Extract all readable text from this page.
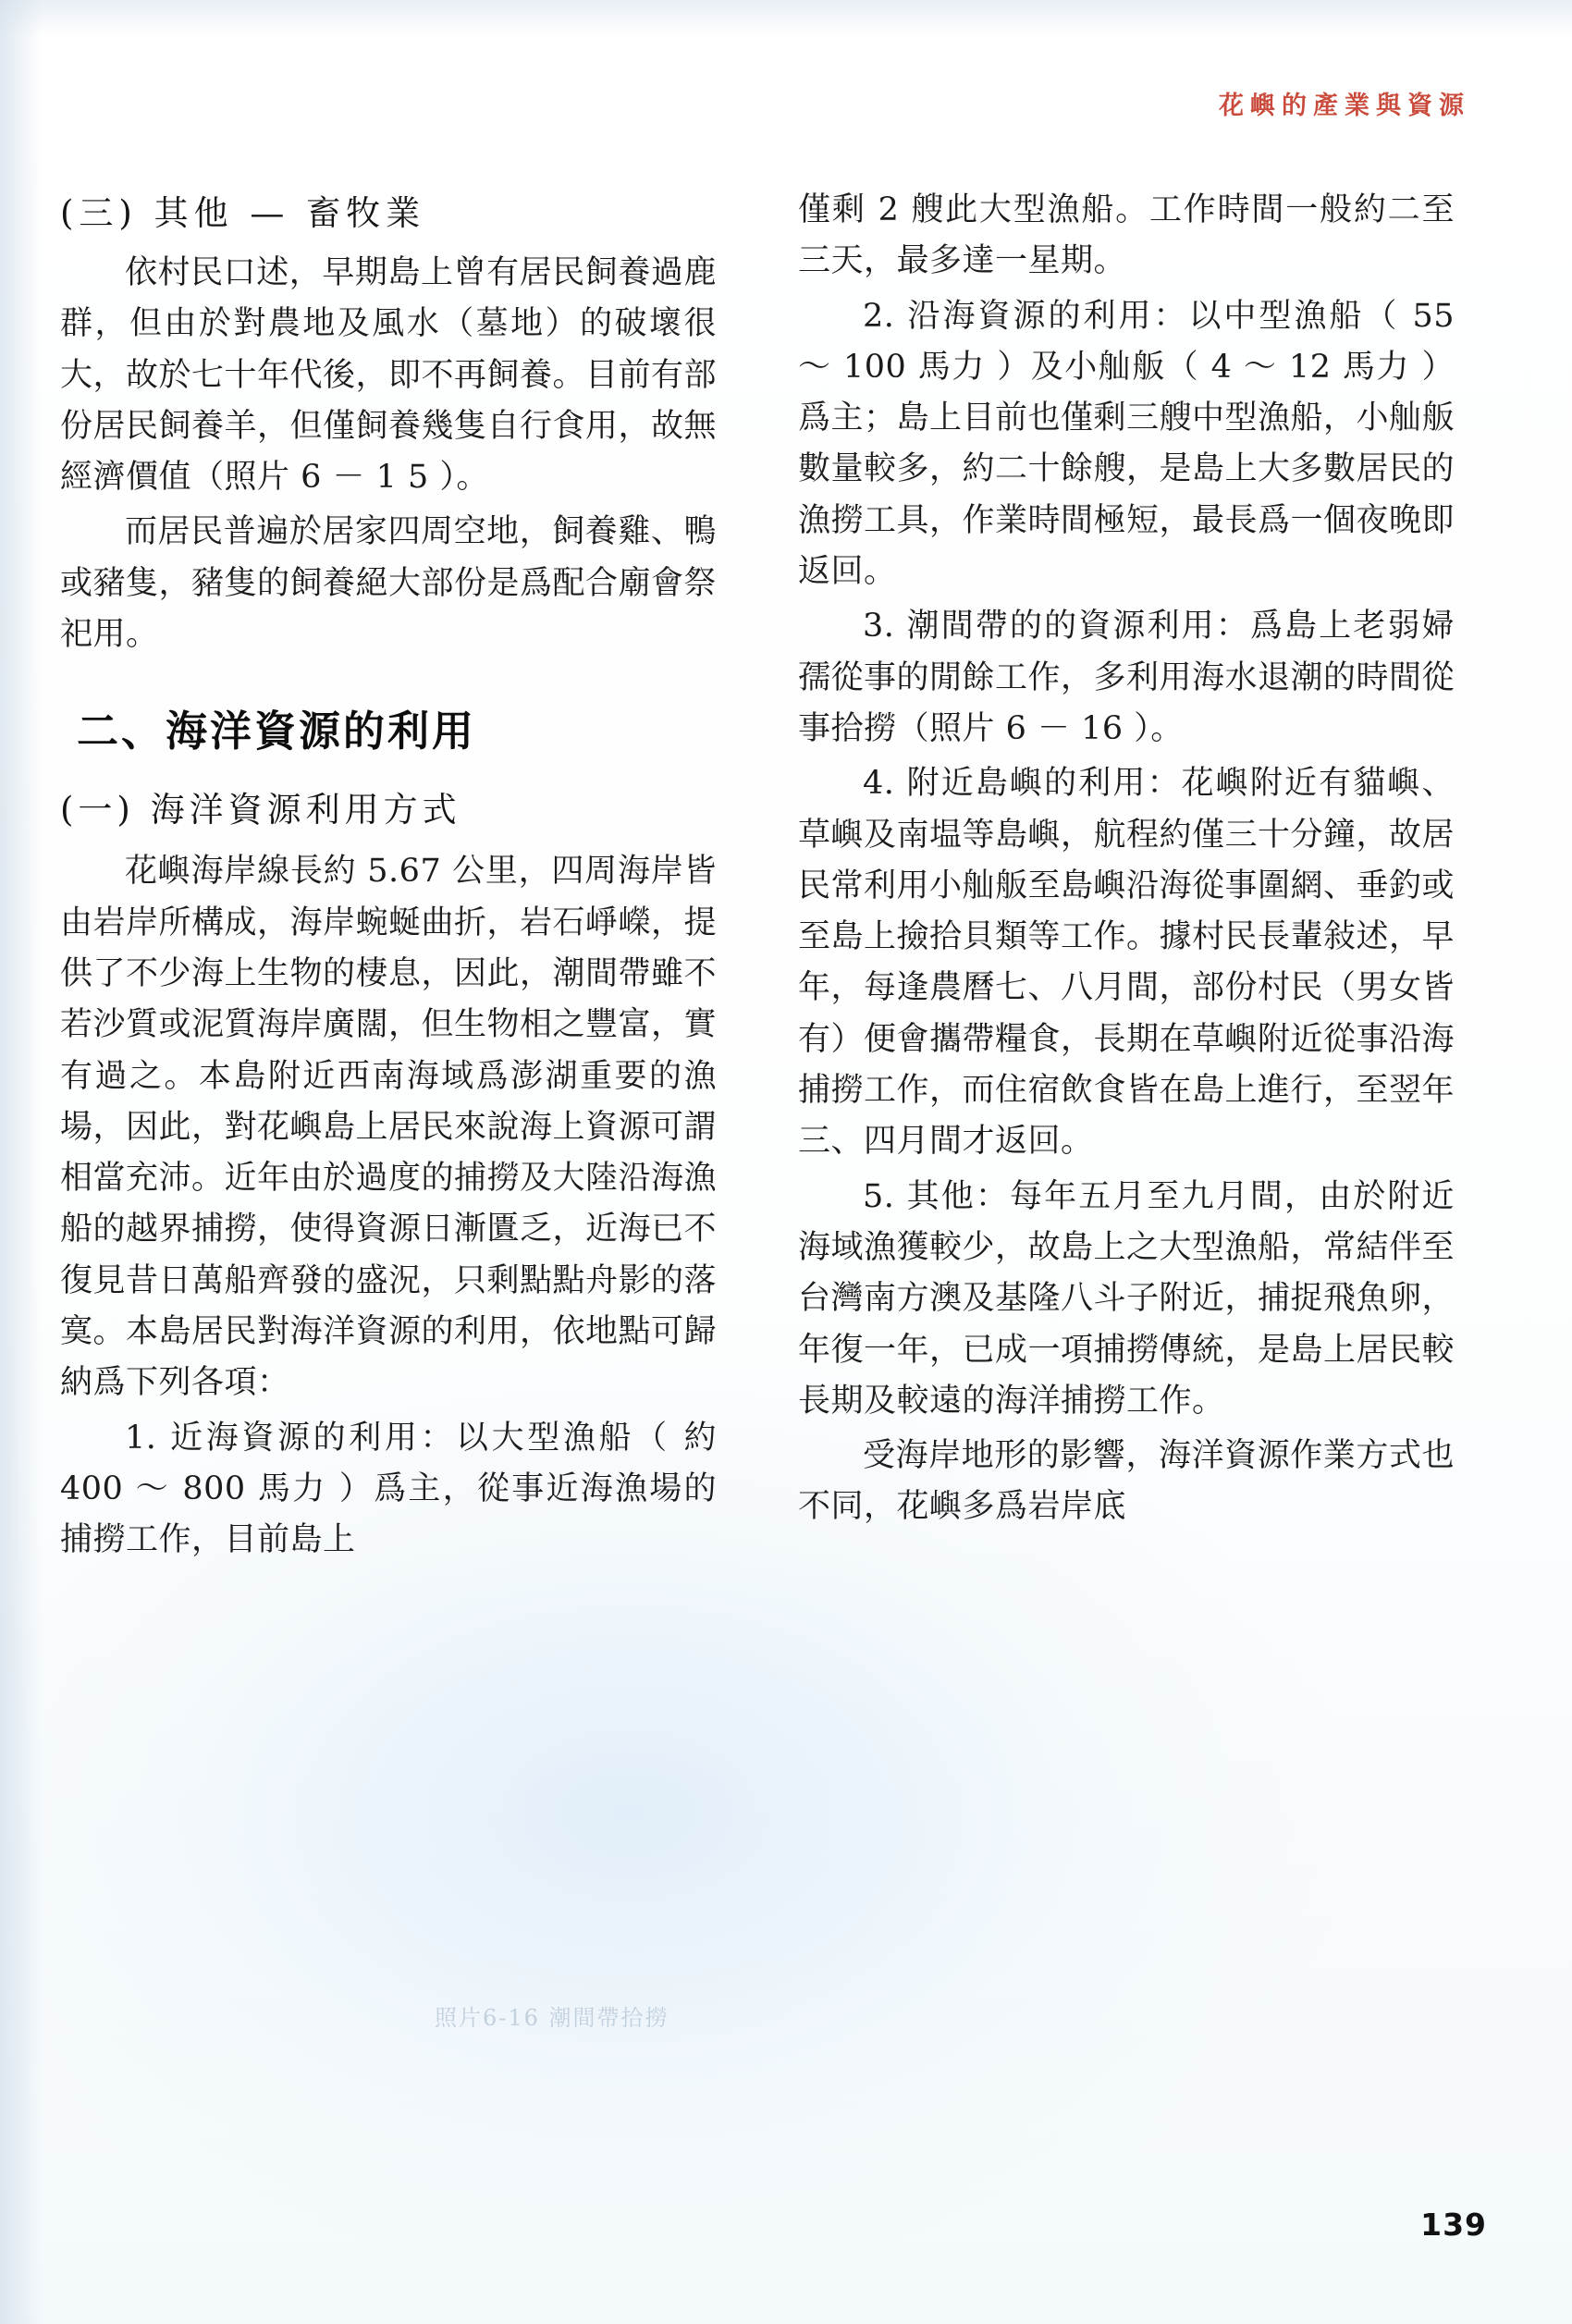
花嶼的產業與資源
(三) 其他 — 畜牧業

依村民口述，早期島上曾有居民飼養過鹿群，但由於對農地及風水（墓地）的破壞很大，故於七十年代後，即不再飼養。目前有部份居民飼養羊，但僅飼養幾隻自行食用，故無經濟價值（照片 6 － 1 5 ）。

而居民普遍於居家四周空地，飼養雞、鴨或豬隻，豬隻的飼養絕大部份是爲配合廟會祭祀用。

二、海洋資源的利用
(一) 海洋資源利用方式

花嶼海岸線長約 5.67 公里，四周海岸皆由岩岸所構成，海岸蜿蜒曲折，岩石崢嶸，提供了不少海上生物的棲息，因此，潮間帶雖不若沙質或泥質海岸廣闊，但生物相之豐富，實有過之。本島附近西南海域爲澎湖重要的漁場，因此，對花嶼島上居民來說海上資源可謂相當充沛。近年由於過度的捕撈及大陸沿海漁船的越界捕撈，使得資源日漸匱乏，近海已不復見昔日萬船齊發的盛況，只剩點點舟影的落寞。本島居民對海洋資源的利用，依地點可歸納爲下列各項：

1. 近海資源的利用：以大型漁船（ 約 400 ～ 800 馬力 ）爲主，從事近海漁場的捕撈工作，目前島上

僅剩 2 艘此大型漁船。工作時間一般約二至三天，最多達一星期。

2. 沿海資源的利用：以中型漁船（ 55 ～ 100 馬力 ）及小舢舨（ 4 ～ 12 馬力 ）爲主；島上目前也僅剩三艘中型漁船，小舢舨數量較多，約二十餘艘，是島上大多數居民的漁撈工具，作業時間極短，最長爲一個夜晚即返回。

3. 潮間帶的的資源利用：爲島上老弱婦孺從事的閒餘工作，多利用海水退潮的時間從事拾撈（照片 6 － 16 ）。

4. 附近島嶼的利用：花嶼附近有貓嶼、草嶼及南塭等島嶼，航程約僅三十分鐘，故居民常利用小舢舨至島嶼沿海從事圍網、垂釣或至島上撿拾貝類等工作。據村民長輩敍述，早年，每逢農曆七、八月間，部份村民（男女皆有）便會攜帶糧食，長期在草嶼附近從事沿海捕撈工作，而住宿飲食皆在島上進行，至翌年三、四月間才返回。

5. 其他：每年五月至九月間，由於附近海域漁獲較少，故島上之大型漁船，常結伴至台灣南方澳及基隆八斗子附近，捕捉飛魚卵，年復一年，已成一項捕撈傳統，是島上居民較長期及較遠的海洋捕撈工作。

受海岸地形的影響，海洋資源作業方式也不同，花嶼多爲岩岸底

照片6-16 潮間帶拾撈
139
